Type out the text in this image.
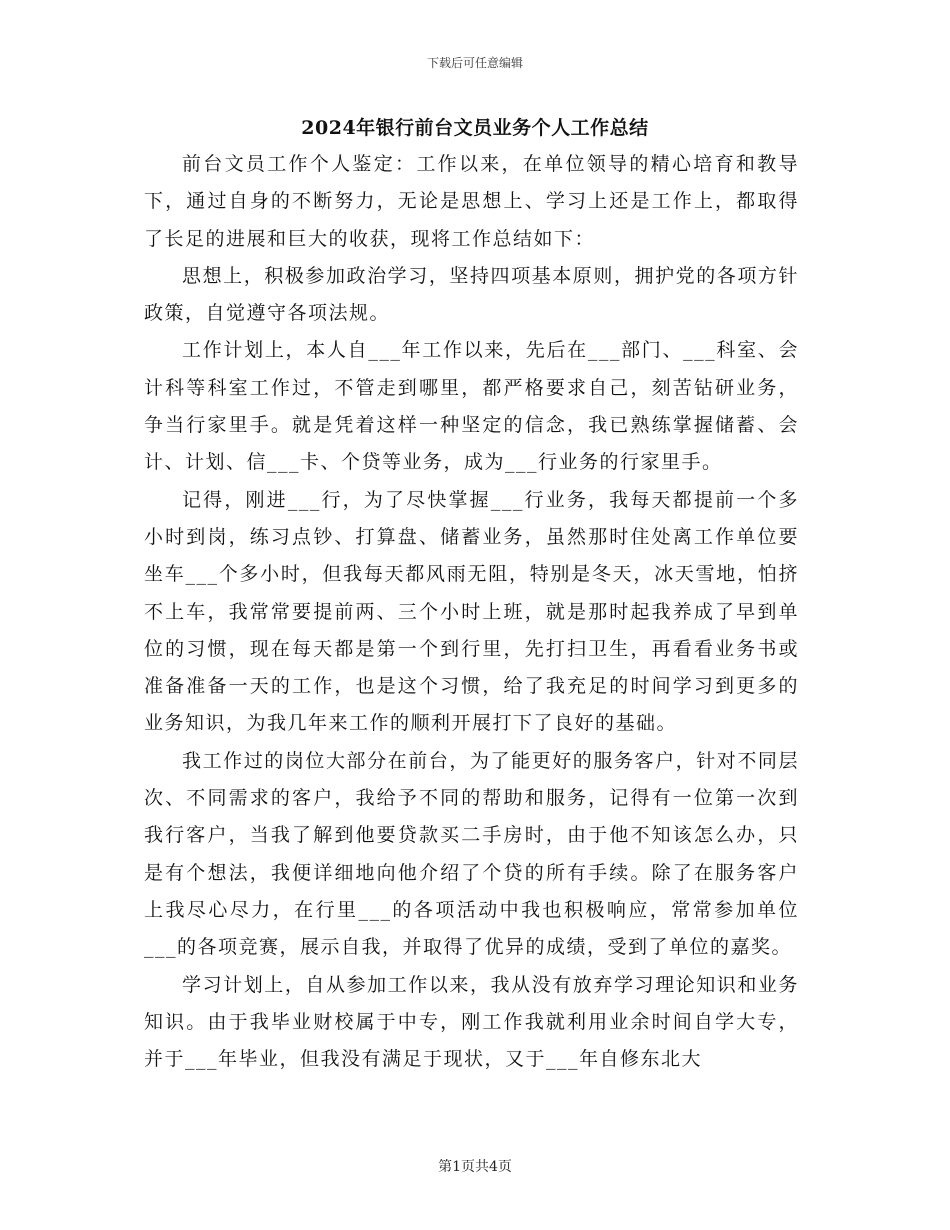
下载后可任意编辑
2024年银行前台文员业务个人工作总结

前台文员工作个人鉴定：工作以来，在单位领导的精心培育和教导下，通过自身的不断努力，无论是思想上、学习上还是工作上，都取得了长足的进展和巨大的收获，现将工作总结如下：

思想上，积极参加政治学习，坚持四项基本原则，拥护党的各项方针政策，自觉遵守各项法规。

工作计划上，本人自___年工作以来，先后在___部门、___科室、会计科等科室工作过，不管走到哪里，都严格要求自己，刻苦钻研业务，争当行家里手。就是凭着这样一种坚定的信念，我已熟练掌握储蓄、会计、计划、信___卡、个贷等业务，成为___行业务的行家里手。

记得，刚进___行，为了尽快掌握___行业务，我每天都提前一个多小时到岗，练习点钞、打算盘、储蓄业务，虽然那时住处离工作单位要坐车___个多小时，但我每天都风雨无阻，特别是冬天，冰天雪地，怕挤不上车，我常常要提前两、三个小时上班，就是那时起我养成了早到单位的习惯，现在每天都是第一个到行里，先打扫卫生，再看看业务书或准备准备一天的工作，也是这个习惯，给了我充足的时间学习到更多的业务知识，为我几年来工作的顺利开展打下了良好的基础。

我工作过的岗位大部分在前台，为了能更好的服务客户，针对不同层次、不同需求的客户，我给予不同的帮助和服务，记得有一位第一次到我行客户，当我了解到他要贷款买二手房时，由于他不知该怎么办，只是有个想法，我便详细地向他介绍了个贷的所有手续。除了在服务客户上我尽心尽力，在行里___的各项活动中我也积极响应，常常参加单位___的各项竞赛，展示自我，并取得了优异的成绩，受到了单位的嘉奖。

学习计划上，自从参加工作以来，我从没有放弃学习理论知识和业务知识。由于我毕业财校属于中专，刚工作我就利用业余时间自学大专，并于___年毕业，但我没有满足于现状，又于___年自修东北大

第1页共4页
